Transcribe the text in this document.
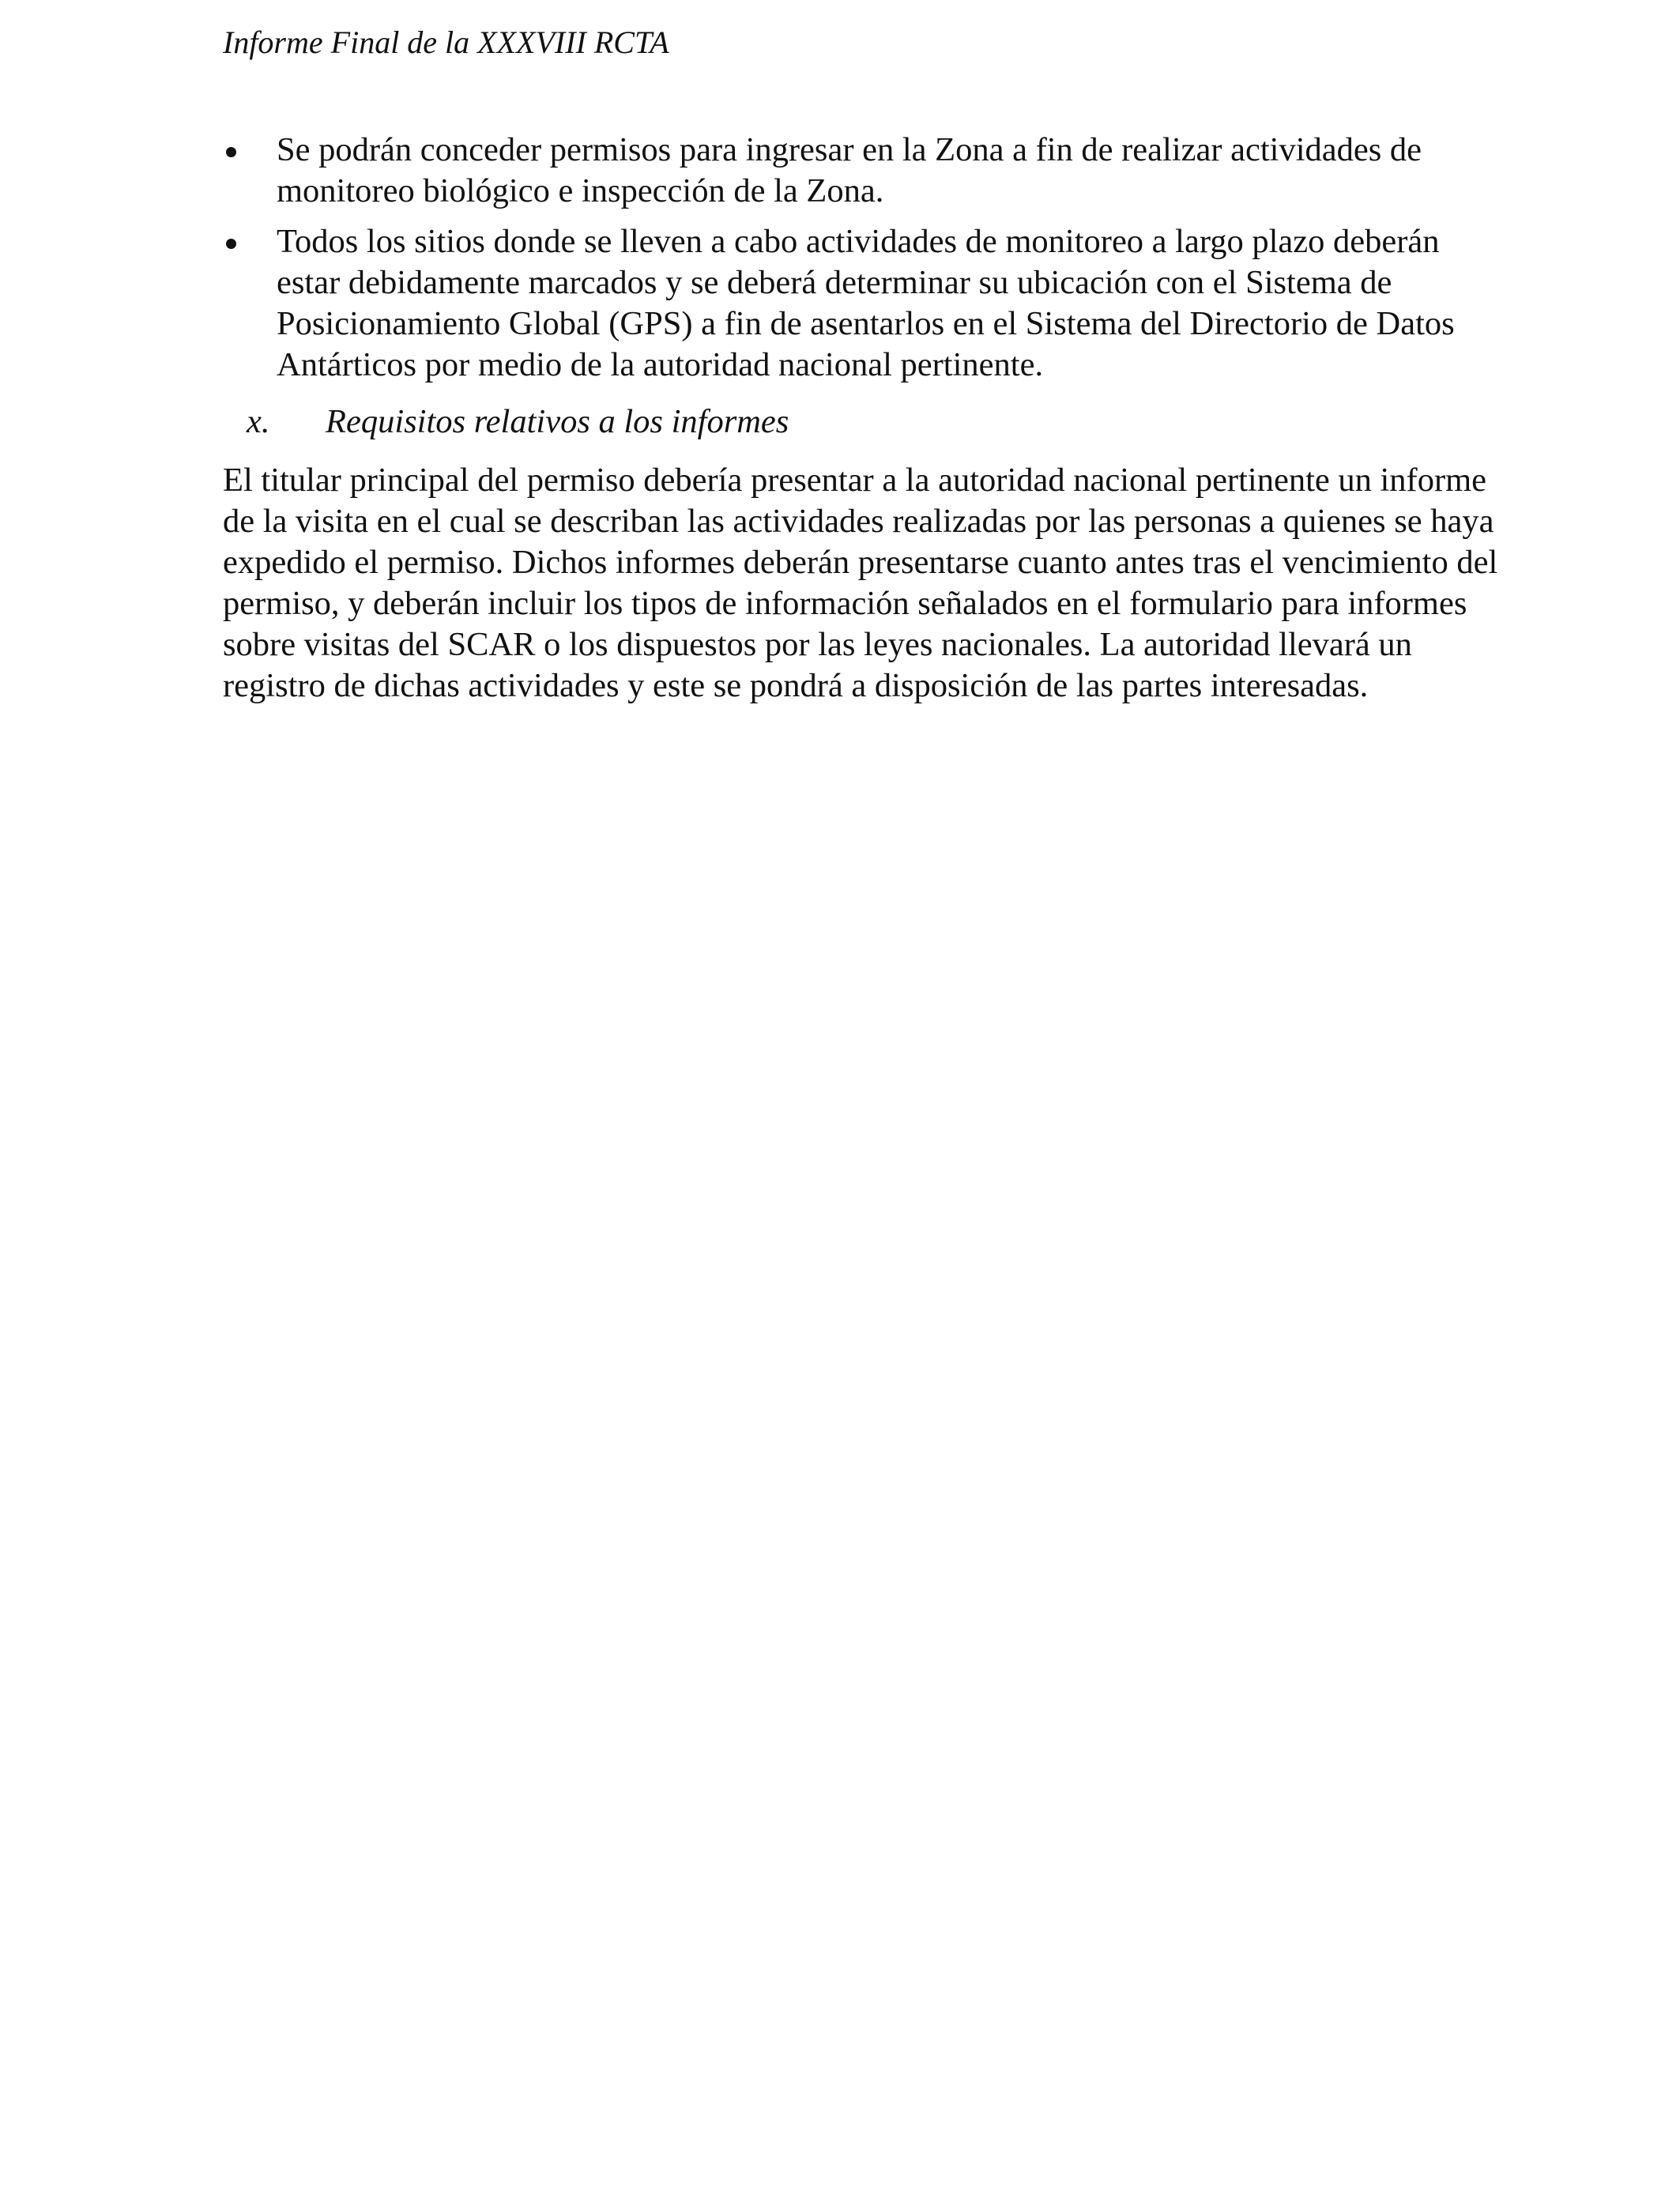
Informe Final de la XXXVIII RCTA
Se podrán conceder permisos para ingresar en la Zona a fin de realizar actividades de monitoreo biológico e inspección de la Zona.
Todos los sitios donde se lleven a cabo actividades de monitoreo a largo plazo deberán estar debidamente marcados y se deberá determinar su ubicación con el Sistema de Posicionamiento Global (GPS) a fin de asentarlos en el Sistema del Directorio de Datos Antárticos por medio de la autoridad nacional pertinente.
x. Requisitos relativos a los informes

El titular principal del permiso debería presentar a la autoridad nacional pertinente un informe de la visita en el cual se describan las actividades realizadas por las personas a quienes se haya expedido el permiso. Dichos informes deberán presentarse cuanto antes tras el vencimiento del permiso, y deberán incluir los tipos de información señalados en el formulario para informes sobre visitas del SCAR o los dispuestos por las leyes nacionales. La autoridad llevará un registro de dichas actividades y este se pondrá a disposición de las partes interesadas.
